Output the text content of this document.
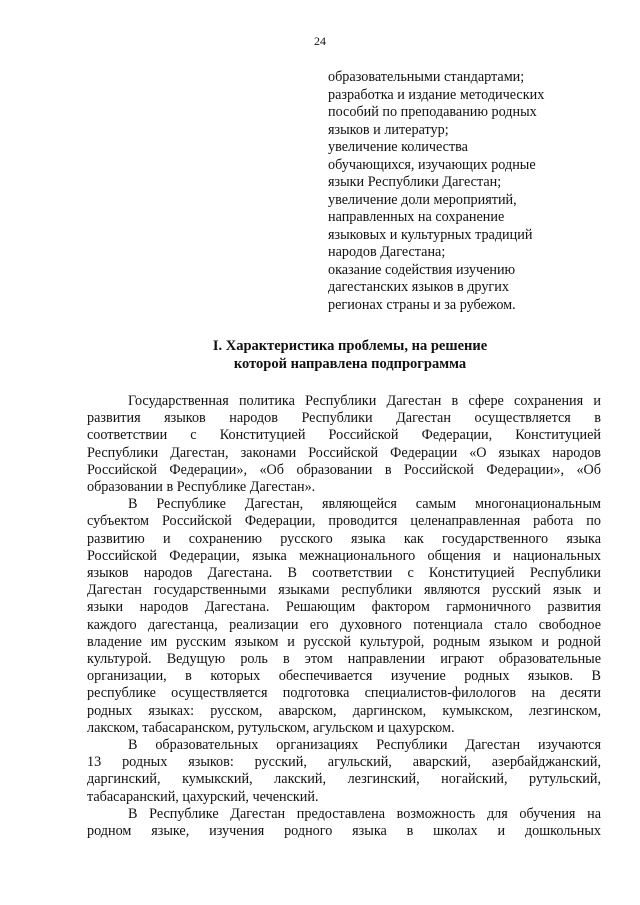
24
образовательными стандартами;
разработка и издание методических
пособий по преподаванию родных
языков и литератур;
увеличение количества
обучающихся, изучающих родные
языки Республики Дагестан;
увеличение доли мероприятий,
направленных на сохранение
языковых и культурных традиций
народов Дагестана;
оказание содействия изучению
дагестанских языков в других
регионах страны и за рубежом.
I. Характеристика проблемы, на решение
которой направлена подпрограмма
Государственная политика Республики Дагестан в сфере сохранения и
развития языков народов Республики Дагестан осуществляется в
соответствии с Конституцией Российской Федерации, Конституцией
Республики Дагестан, законами Российской Федерации «О языках народов
Российской Федерации», «Об образовании в Российской Федерации», «Об
образовании в Республике Дагестан».
В Республике Дагестан, являющейся самым многонациональным
субъектом Российской Федерации, проводится целенаправленная работа по
развитию и сохранению русского языка как государственного языка
Российской Федерации, языка межнационального общения и национальных
языков народов Дагестана. В соответствии с Конституцией Республики
Дагестан государственными языками республики являются русский язык и
языки народов Дагестана. Решающим фактором гармоничного развития
каждого дагестанца, реализации его духовного потенциала стало свободное
владение им русским языком и русской культурой, родным языком и родной
культурой. Ведущую роль в этом направлении играют образовательные
организации, в которых обеспечивается изучение родных языков. В
республике осуществляется подготовка специалистов-филологов на десяти
родных языках: русском, аварском, даргинском, кумыкском, лезгинском,
лакском, табасаранском, рутульском, агульском и цахурском.
В образовательных организациях Республики Дагестан изучаются
13 родных языков: русский, агульский, аварский, азербайджанский,
даргинский, кумыкский, лакский, лезгинский, ногайский, рутульский,
табасаранский, цахурский, чеченский.
В Республике Дагестан предоставлена возможность для обучения на
родном языке, изучения родного языка в школах и дошкольных
